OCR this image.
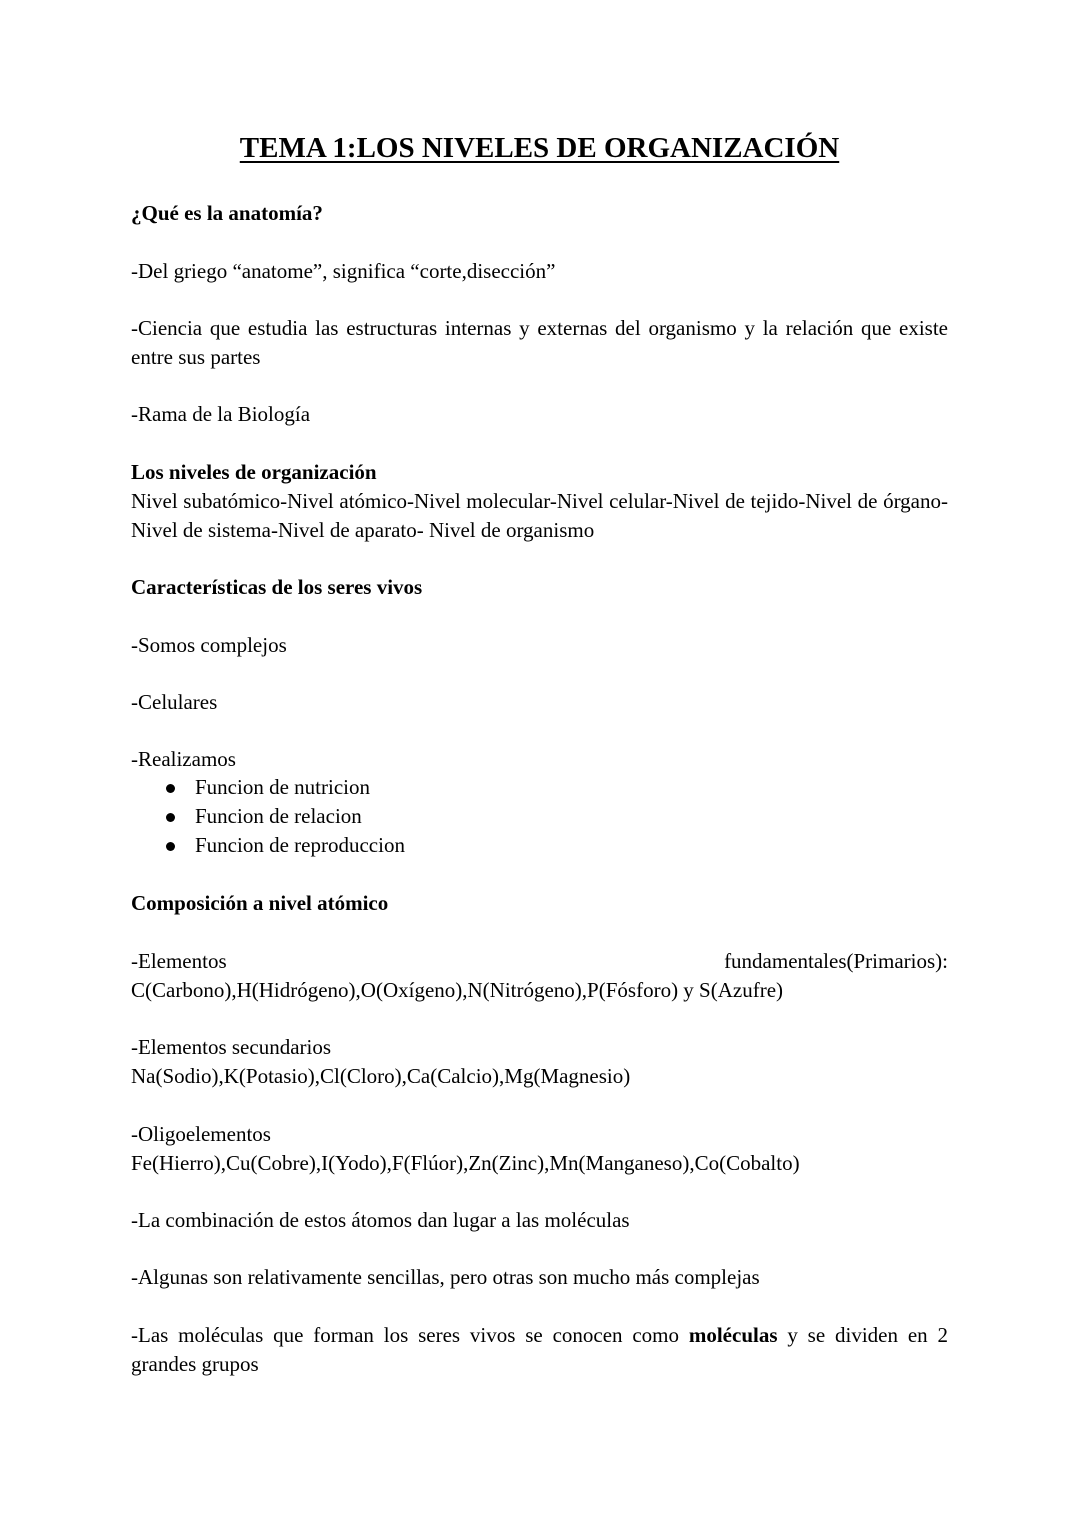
TEMA 1:LOS NIVELES DE ORGANIZACIÓN

¿Qué es la anatomía?

-Del griego “anatome”, significa “corte,disección”

-Ciencia que estudia las estructuras internas y externas del organismo y la relación que existe entre sus partes

-Rama de la Biología

Los niveles de organización

Nivel subatómico-Nivel atómico-Nivel molecular-Nivel celular-Nivel de tejido-Nivel de órgano-Nivel de sistema-Nivel de aparato- Nivel de organismo

Características de los seres vivos

-Somos complejos

-Celulares

-Realizamos

Funcion de nutricion
Funcion de relacion
Funcion de reproduccion

Composición a nivel atómico

-Elementos	fundamentales(Primarios):

C(Carbono),H(Hidrógeno),O(Oxígeno),N(Nitrógeno),P(Fósforo) y S(Azufre)

-Elementos secundarios

Na(Sodio),K(Potasio),Cl(Cloro),Ca(Calcio),Mg(Magnesio)

-Oligoelementos

Fe(Hierro),Cu(Cobre),I(Yodo),F(Flúor),Zn(Zinc),Mn(Manganeso),Co(Cobalto)

-La combinación de estos átomos dan lugar a las moléculas

-Algunas son relativamente sencillas, pero otras son mucho más complejas

-Las moléculas que forman los seres vivos se conocen como moléculas y se dividen en 2 grandes grupos
